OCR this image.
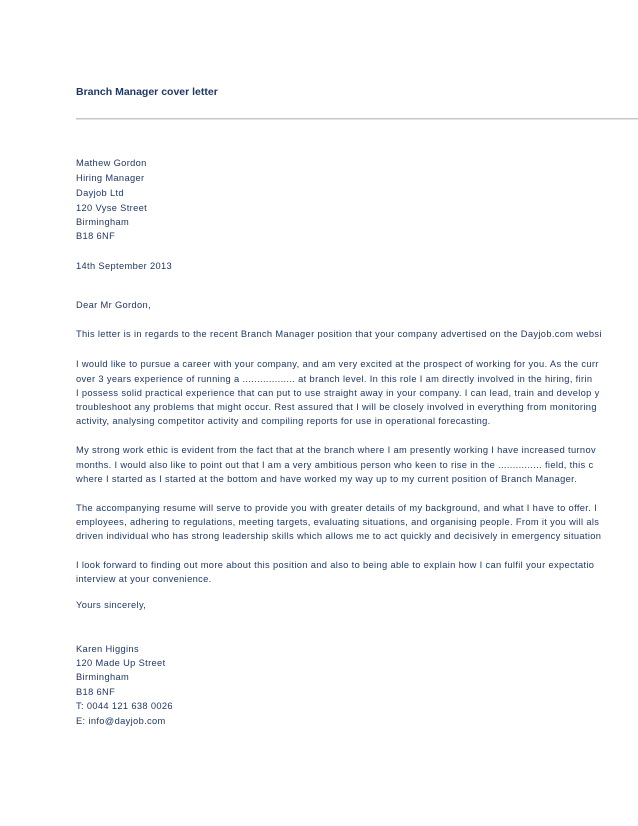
Branch Manager cover letter
Mathew Gordon
Hiring Manager
Dayjob Ltd
120 Vyse Street
Birmingham
B18 6NF
14th September 2013
Dear Mr Gordon,
This letter is in regards to the recent Branch Manager position that your company advertised on the Dayjob.com websi
I would like to pursue a career with your company, and am very excited at the prospect of working for you. As the curr
over 3 years experience of running a .................. at branch level. In this role I am directly involved in the hiring, firin
I possess solid practical experience that can put to use straight away in your company. I can lead, train and develop y
troubleshoot any problems that might occur. Rest assured that I will be closely involved in everything from monitoring
activity, analysing competitor activity and compiling reports for use in operational forecasting.
My strong work ethic is evident from the fact that at the branch where I am presently working I have increased turnov
months. I would also like to point out that I am a very ambitious person who keen to rise in the ............... field, this c
where I started as I started at the bottom and have worked my way up to my current position of Branch Manager.
The accompanying resume will serve to provide you with greater details of my background, and what I have to offer. I
employees, adhering to regulations, meeting targets, evaluating situations, and organising people. From it you will als
driven individual who has strong leadership skills which allows me to act quickly and decisively in emergency situation
I look forward to finding out more about this position and also to being able to explain how I can fulfil your expectatio
interview at your convenience.
Yours sincerely,
Karen Higgins
120 Made Up Street
Birmingham
B18 6NF
T: 0044 121 638 0026
E: info@dayjob.com
